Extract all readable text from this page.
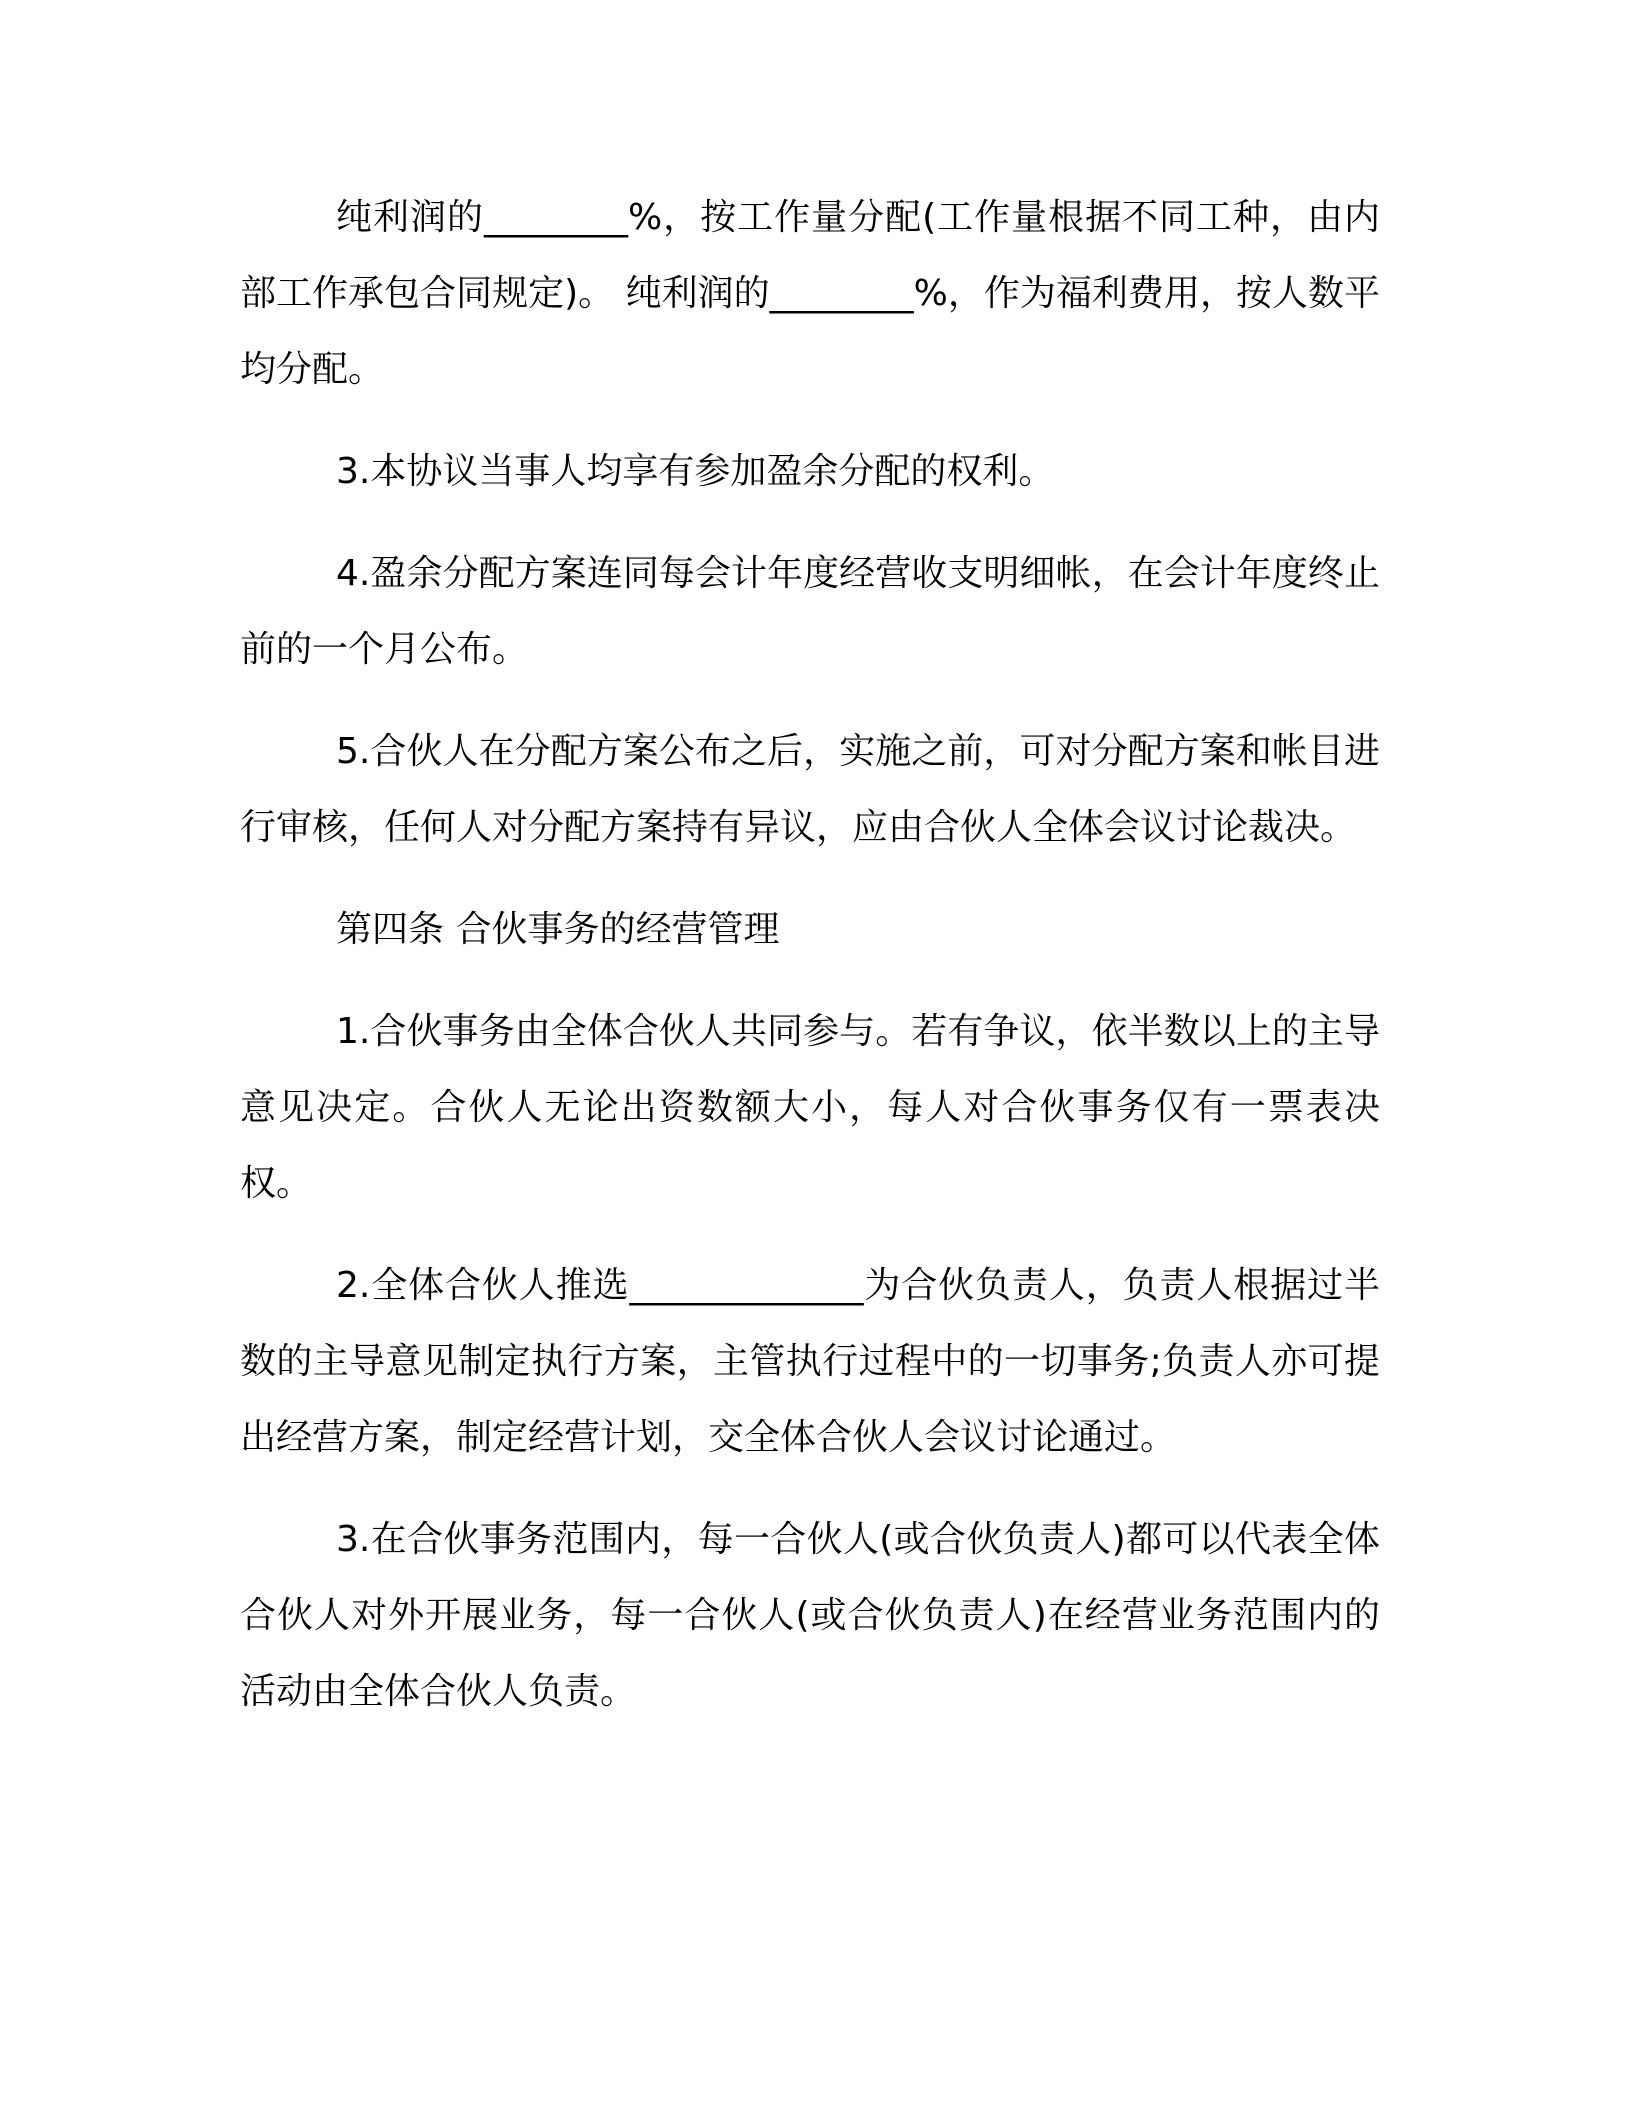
纯利润的________%，按工作量分配(工作量根据不同工种，由内部工作承包合同规定)。 纯利润的________%，作为福利费用，按人数平均分配。

3.本协议当事人均享有参加盈余分配的权利。

4.盈余分配方案连同每会计年度经营收支明细帐，在会计年度终止前的一个月公布。

5.合伙人在分配方案公布之后，实施之前，可对分配方案和帐目进行审核，任何人对分配方案持有异议，应由合伙人全体会议讨论裁决。

第四条 合伙事务的经营管理

1.合伙事务由全体合伙人共同参与。若有争议，依半数以上的主导意见决定。合伙人无论出资数额大小，每人对合伙事务仅有一票表决权。

2.全体合伙人推选_____________为合伙负责人，负责人根据过半数的主导意见制定执行方案，主管执行过程中的一切事务;负责人亦可提出经营方案，制定经营计划，交全体合伙人会议讨论通过。

3.在合伙事务范围内，每一合伙人(或合伙负责人)都可以代表全体合伙人对外开展业务，每一合伙人(或合伙负责人)在经营业务范围内的活动由全体合伙人负责。
